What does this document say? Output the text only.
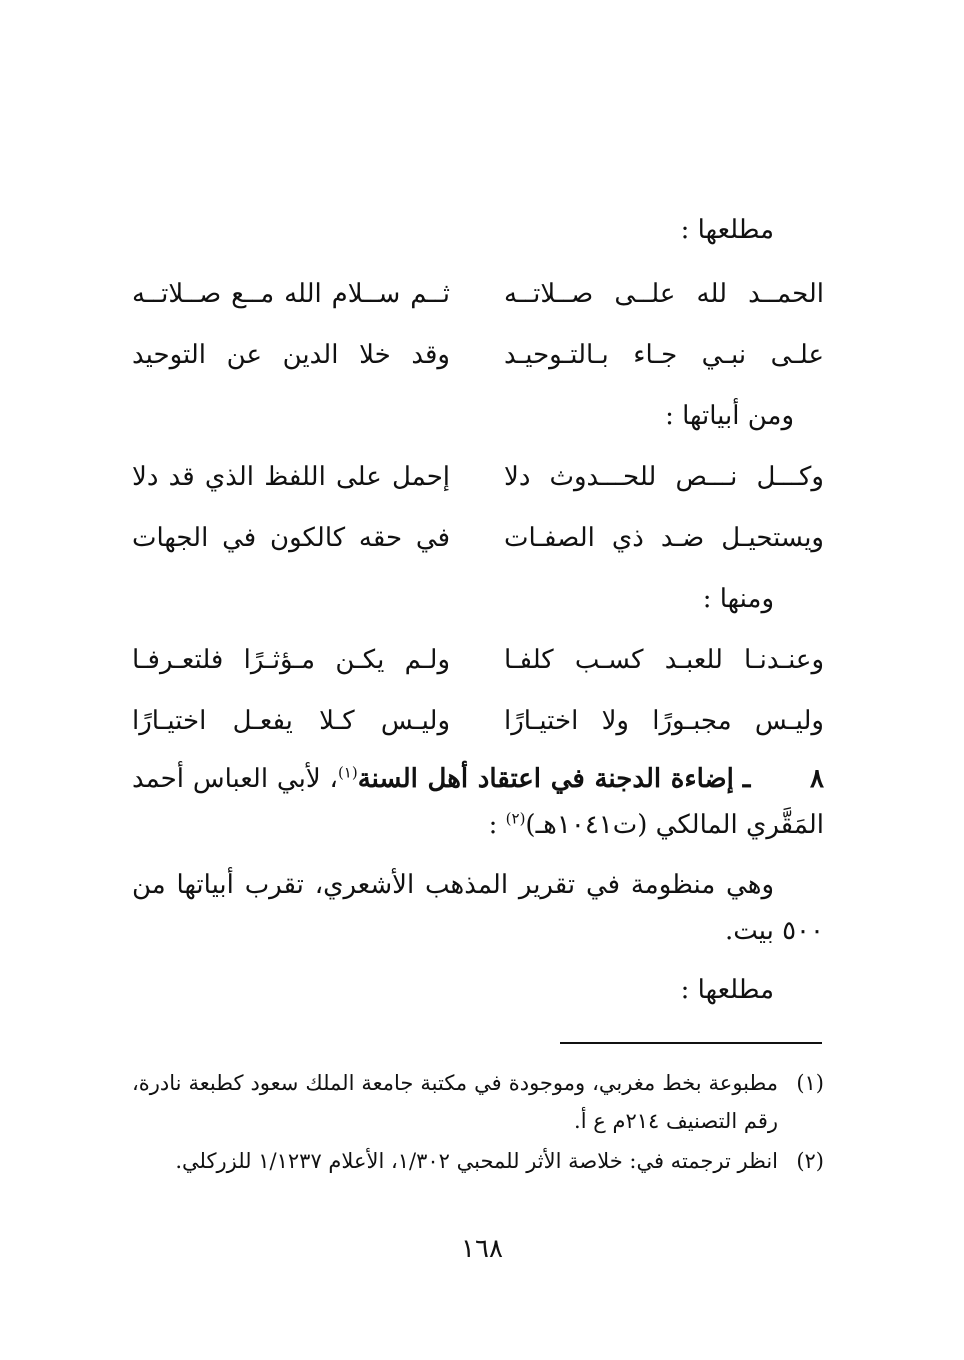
مطلعها :
الحمــد لله علــى صــلاتــه
ثــم ســلام الله مــع صــلاتــه
علـى نبـي جـاء بـالتـوحيـد
وقد خلا الدين عن التوحيد
ومن أبياتها :
وكـــل نـــص للحـــدوث دلا
إحمل على اللفظ الذي قد دلا
ويستحيـل ضـد ذي الصفـات
في حقه كالكون في الجهات
ومنها :
وعنـدنـا للعبـد كسـب كلفـا
ولـم يكـن مـؤثـرًا فلتعـرفـا
وليـس مجبـورًا ولا اختيـارًا
وليـس كـلا يفعـل اختيـارًا
٨ ـ إضاءة الدجنة في اعتقاد أهل السنة$^{(١)}$، لأبي العباس أحمد المَقَّري المالكي (ت١٠٤١هـ)$^{(٢)}$ :
وهي منظومة في تقرير المذهب الأشعري، تقرب أبياتها من ٥٠٠ بيت.
مطلعها :
(١)
مطبوعة بخط مغربي، وموجودة في مكتبة جامعة الملك سعود كطبعة نادرة، رقم التصنيف ٢١٤م ع أ.
(٢)
انظر ترجمته في: خلاصة الأثر للمحبي ١/٣٠٢، الأعلام ١/١٢٣٧ للزركلي.
١٦٨
